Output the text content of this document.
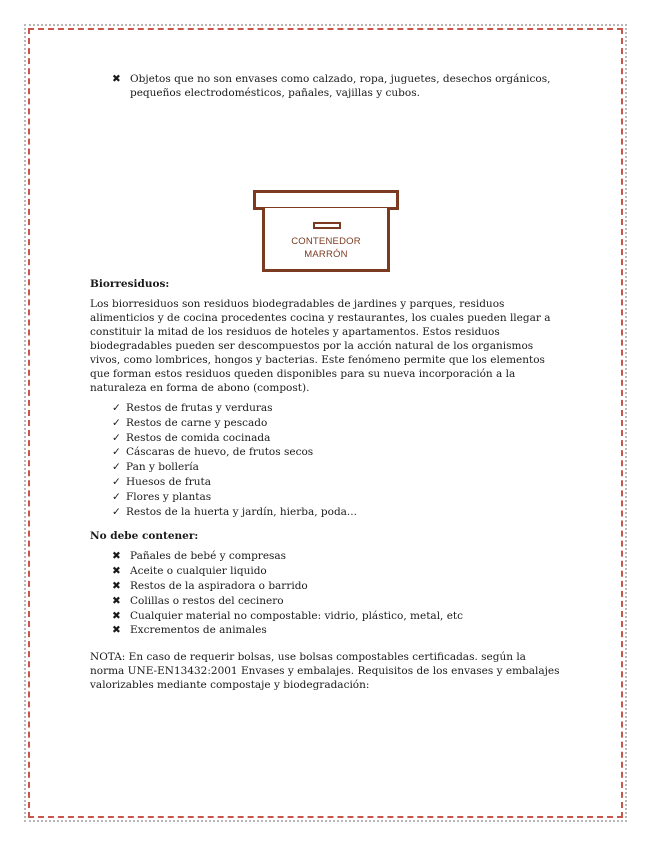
✖ Objetos que no son envases como calzado, ropa, juguetes, desechos orgánicos, pequeños electrodomésticos, pañales, vajillas y cubos.
CONTENEDOR
MARRÓN
Biorresiduos:

Los biorresiduos son residuos biodegradables de jardines y parques, residuos alimenticios y de cocina procedentes cocina y restaurantes, los cuales pueden llegar a constituir la mitad de los residuos de hoteles y apartamentos. Estos residuos biodegradables pueden ser descompuestos por la acción natural de los organismos vivos, como lombrices, hongos y bacterias. Este fenómeno permite que los elementos que forman estos residuos queden disponibles para su nueva incorporación a la naturaleza en forma de abono (compost).

✓ Restos de frutas y verduras
✓ Restos de carne y pescado
✓ Restos de comida cocinada
✓ Cáscaras de huevo, de frutos secos
✓ Pan y bollería
✓ Huesos de fruta
✓ Flores y plantas
✓ Restos de la huerta y jardín, hierba, poda...
No debe contener:
✖ Pañales de bebé y compresas
✖ Aceite o cualquier liquido
✖ Restos de la aspiradora o barrido
✖ Colillas o restos del cecinero
✖ Cualquier material no compostable: vidrio, plástico, metal, etc
✖ Excrementos de animales

NOTA: En caso de requerir bolsas, use bolsas compostables certificadas. según la norma UNE-EN13432:2001 Envases y embalajes. Requisitos de los envases y embalajes valorizables mediante compostaje y biodegradación:
